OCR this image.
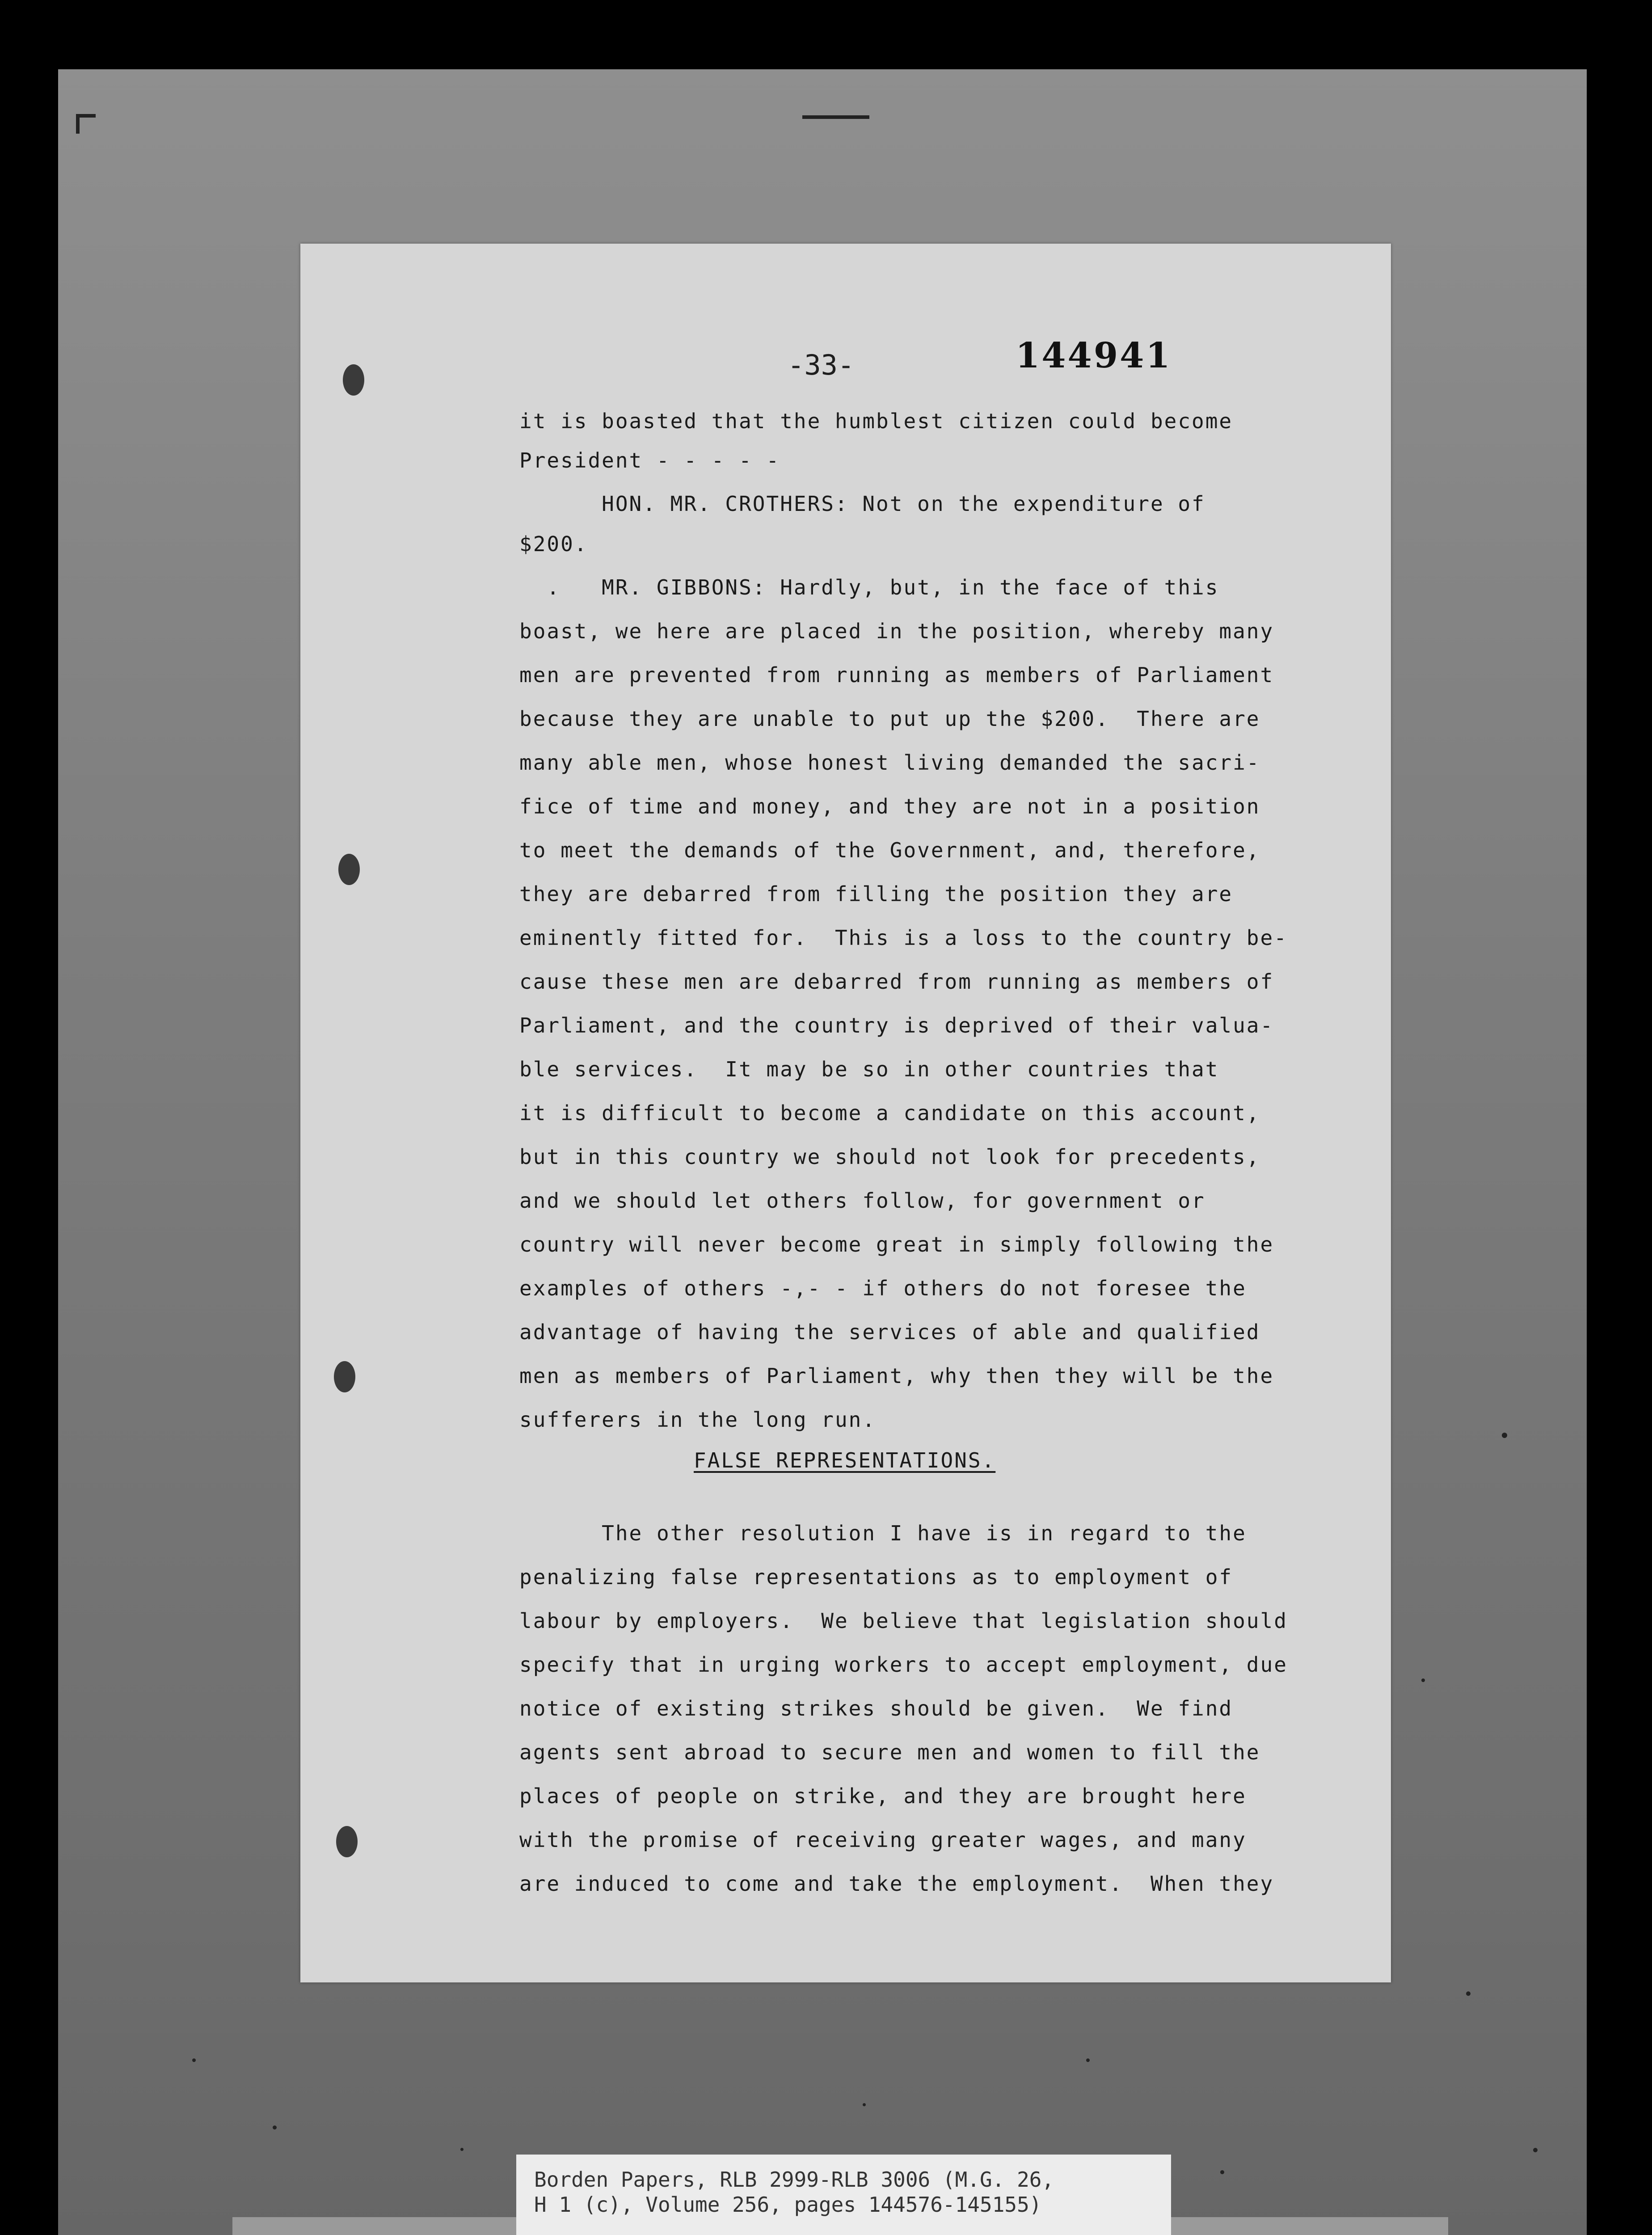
-33-	144941
it is boasted that the humblest citizen could become
President - - - - -
HON. MR. CROTHERS: Not on the expenditure of
$200.
.   MR. GIBBONS: Hardly, but, in the face of this
boast, we here are placed in the position, whereby many
men are prevented from running as members of Parliament
because they are unable to put up the $200.  There are
many able men, whose honest living demanded the sacri-
fice of time and money, and they are not in a position
to meet the demands of the Government, and, therefore,
they are debarred from filling the position they are
eminently fitted for.  This is a loss to the country be-
cause these men are debarred from running as members of
Parliament, and the country is deprived of their valua-
ble services.  It may be so in other countries that
it is difficult to become a candidate on this account,
but in this country we should not look for precedents,
and we should let others follow, for government or
country will never become great in simply following the
examples of others -,- - if others do not foresee the
advantage of having the services of able and qualified
men as members of Parliament, why then they will be the
sufferers in the long run.
FALSE REPRESENTATIONS.
The other resolution I have is in regard to the
penalizing false representations as to employment of
labour by employers.  We believe that legislation should
specify that in urging workers to accept employment, due
notice of existing strikes should be given.  We find
agents sent abroad to secure men and women to fill the
places of people on strike, and they are brought here
with the promise of receiving greater wages, and many
are induced to come and take the employment.  When they
Borden Papers, RLB 2999-RLB 3006 (M.G. 26,
H 1 (c), Volume 256, pages 144576-145155)
